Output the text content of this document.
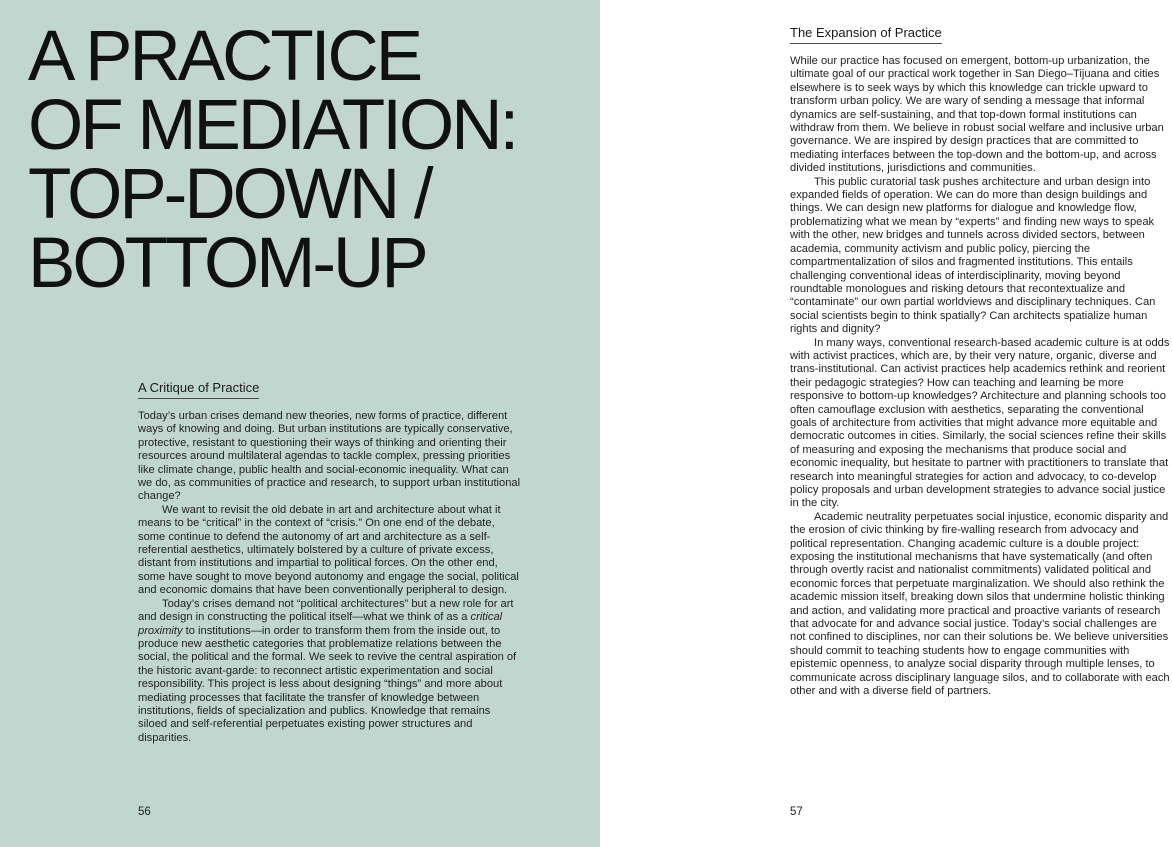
A PRACTICE
OF MEDIATION:
TOP-DOWN /
BOTTOM-UP
A Critique of Practice

Today’s urban crises demand new theories, new forms of practice, different ways of knowing and doing. But urban institutions are typically conservative, protective, resistant to questioning their ways of thinking and orienting their resources around multilateral agendas to tackle complex, pressing priorities like climate change, public health and social-economic inequality. What can we do, as communities of practice and research, to support urban institutional change?

We want to revisit the old debate in art and architecture about what it means to be “critical” in the context of “crisis.” On one end of the debate, some continue to defend the autonomy of art and architecture as a self-referential aesthetics, ultimately bolstered by a culture of private excess, distant from institutions and impartial to political forces. On the other end, some have sought to move beyond autonomy and engage the social, political and economic domains that have been conventionally peripheral to design.

Today’s crises demand not “political architectures” but a new role for art and design in constructing the political itself—what we think of as a critical proximity to institutions—in order to transform them from the inside out, to produce new aesthetic categories that problematize relations between the social, the political and the formal. We seek to revive the central aspiration of the historic avant-garde: to reconnect artistic experimentation and social responsibility. This project is less about designing “things” and more about mediating processes that facilitate the transfer of knowledge between institutions, fields of specialization and publics. Knowledge that remains siloed and self-referential perpetuates existing power structures and disparities.

56
The Expansion of Practice

While our practice has focused on emergent, bottom-up urbanization, the ultimate goal of our practical work together in San Diego–Tijuana and cities elsewhere is to seek ways by which this knowledge can trickle upward to transform urban policy. We are wary of sending a message that informal dynamics are self-sustaining, and that top-down formal institutions can withdraw from them. We believe in robust social welfare and inclusive urban governance. We are inspired by design practices that are committed to mediating interfaces between the top-down and the bottom-up, and across divided institutions, jurisdictions and communities.

This public curatorial task pushes architecture and urban design into expanded fields of operation. We can do more than design buildings and things. We can design new platforms for dialogue and knowledge flow, problematizing what we mean by “experts” and finding new ways to speak with the other, new bridges and tunnels across divided sectors, between academia, community activism and public policy, piercing the compartmentalization of silos and fragmented institutions. This entails challenging conventional ideas of interdisciplinarity, moving beyond roundtable monologues and risking detours that recontextualize and “contaminate” our own partial worldviews and disciplinary techniques. Can social scientists begin to think spatially? Can architects spatialize human rights and dignity?

In many ways, conventional research-based academic culture is at odds with activist practices, which are, by their very nature, organic, diverse and trans-institutional. Can activist practices help academics rethink and reorient their pedagogic strategies? How can teaching and learning be more responsive to bottom-up knowledges? Architecture and planning schools too often camouflage exclusion with aesthetics, separating the conventional goals of architecture from activities that might advance more equitable and democratic outcomes in cities. Similarly, the social sciences refine their skills of measuring and exposing the mechanisms that produce social and economic inequality, but hesitate to partner with practitioners to translate that research into meaningful strategies for action and advocacy, to co-develop policy proposals and urban development strategies to advance social justice in the city.

Academic neutrality perpetuates social injustice, economic disparity and the erosion of civic thinking by fire-walling research from advocacy and political representation. Changing academic culture is a double project: exposing the institutional mechanisms that have systematically (and often through overtly racist and nationalist commitments) validated political and economic forces that perpetuate marginalization. We should also rethink the academic mission itself, breaking down silos that undermine holistic thinking and action, and validating more practical and proactive variants of research that advocate for and advance social justice. Today’s social challenges are not confined to disciplines, nor can their solutions be. We believe universities should commit to teaching students how to engage communities with epistemic openness, to analyze social disparity through multiple lenses, to communicate across disciplinary language silos, and to collaborate with each other and with a diverse field of partners.

57
